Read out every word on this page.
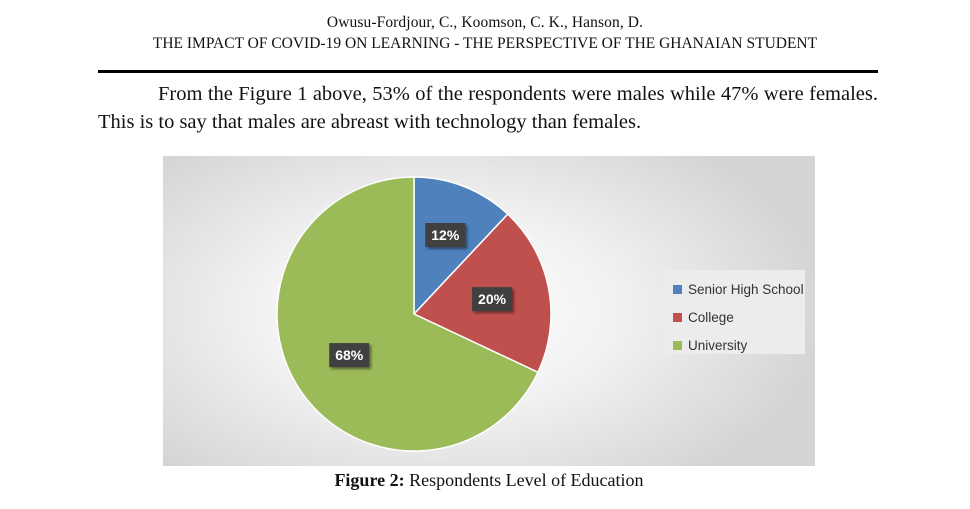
Owusu-Fordjour, C., Koomson, C. K., Hanson, D.
THE IMPACT OF COVID-19 ON LEARNING - THE PERSPECTIVE OF THE GHANAIAN STUDENT

From the Figure 1 above, 53% of the respondents were males while 47% were females. This is to say that males are abreast with technology than females.

12%
20%
68%
Senior High School
College
University
Figure 2: Respondents Level of Education
